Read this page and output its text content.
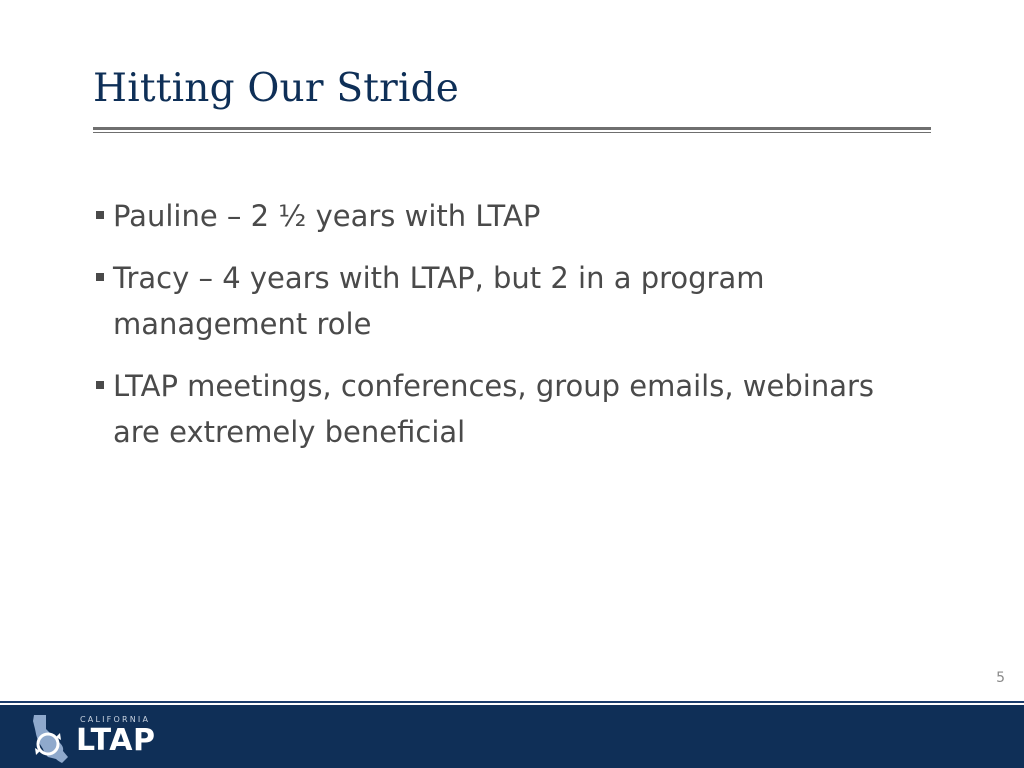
Hitting Our Stride
Pauline – 2 ½ years with LTAP
Tracy – 4 years with LTAP, but 2 in a program management role
LTAP meetings, conferences, group emails, webinars are extremely beneficial
5
CALIFORNIA
LTAP
